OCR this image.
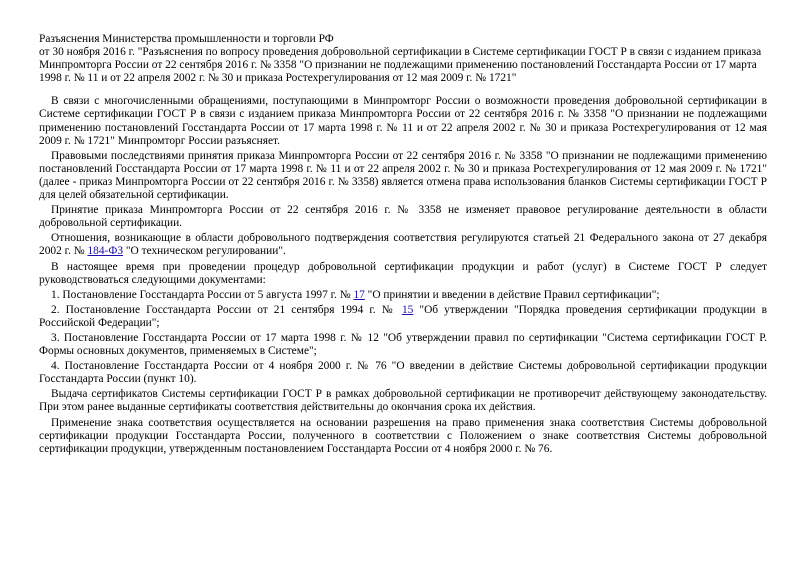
Разъяснения Министерства промышленности и торговли РФ
от 30 ноября 2016 г. "Разъяснения по вопросу проведения добровольной сертификации в Системе сертификации ГОСТ Р в связи с изданием приказа Минпромторга России от 22 сентября 2016 г. № 3358 "О признании не подлежащими применению постановлений Госстандарта России от 17 марта 1998 г. № 11 и от 22 апреля 2002 г. № 30 и приказа Ростехрегулирования от 12 мая 2009 г. № 1721"

В связи с многочисленными обращениями, поступающими в Минпромторг России о возможности проведения добровольной сертификации в Системе сертификации ГОСТ Р в связи с изданием приказа Минпромторга России от 22 сентября 2016 г. № 3358 "О признании не подлежащими применению постановлений Госстандарта России от 17 марта 1998 г. № 11 и от 22 апреля 2002 г. № 30 и приказа Ростехрегулирования от 12 мая 2009 г. № 1721" Минпромторг России разъясняет.

Правовыми последствиями принятия приказа Минпромторга России от 22 сентября 2016 г. № 3358 "О признании не подлежащими применению постановлений Госстандарта России от 17 марта 1998 г. № 11 и от 22 апреля 2002 г. № 30 и приказа Ростехрегулирования от 12 мая 2009 г. № 1721" (далее - приказ Минпромторга России от 22 сентября 2016 г. № 3358) является отмена права использования бланков Системы сертификации ГОСТ Р для целей обязательной сертификации.

Принятие приказа Минпромторга России от 22 сентября 2016 г. № 3358 не изменяет правовое регулирование деятельности в области добровольной сертификации.

Отношения, возникающие в области добровольного подтверждения соответствия регулируются статьей 21 Федерального закона от 27 декабря 2002 г. № 184-ФЗ "О техническом регулировании".

В настоящее время при проведении процедур добровольной сертификации продукции и работ (услуг) в Системе ГОСТ Р следует руководствоваться следующими документами:

1. Постановление Госстандарта России от 5 августа 1997 г. № 17 "О принятии и введении в действие Правил сертификации";

2. Постановление Госстандарта России от 21 сентября 1994 г. № 15 "Об утверждении "Порядка проведения сертификации продукции в Российской Федерации";

3. Постановление Госстандарта России от 17 марта 1998 г. № 12 "Об утверждении правил по сертификации "Система сертификации ГОСТ Р. Формы основных документов, применяемых в Системе";

4. Постановление Госстандарта России от 4 ноября 2000 г. № 76 "О введении в действие Системы добровольной сертификации продукции Госстандарта России (пункт 10).

Выдача сертификатов Системы сертификации ГОСТ Р в рамках добровольной сертификации не противоречит действующему законодательству. При этом ранее выданные сертификаты соответствия действительны до окончания срока их действия.

Применение знака соответствия осуществляется на основании разрешения на право применения знака соответствия Системы добровольной сертификации продукции Госстандарта России, полученного в соответствии с Положением о знаке соответствия Системы добровольной сертификации продукции, утвержденным постановлением Госстандарта России от 4 ноября 2000 г. № 76.
